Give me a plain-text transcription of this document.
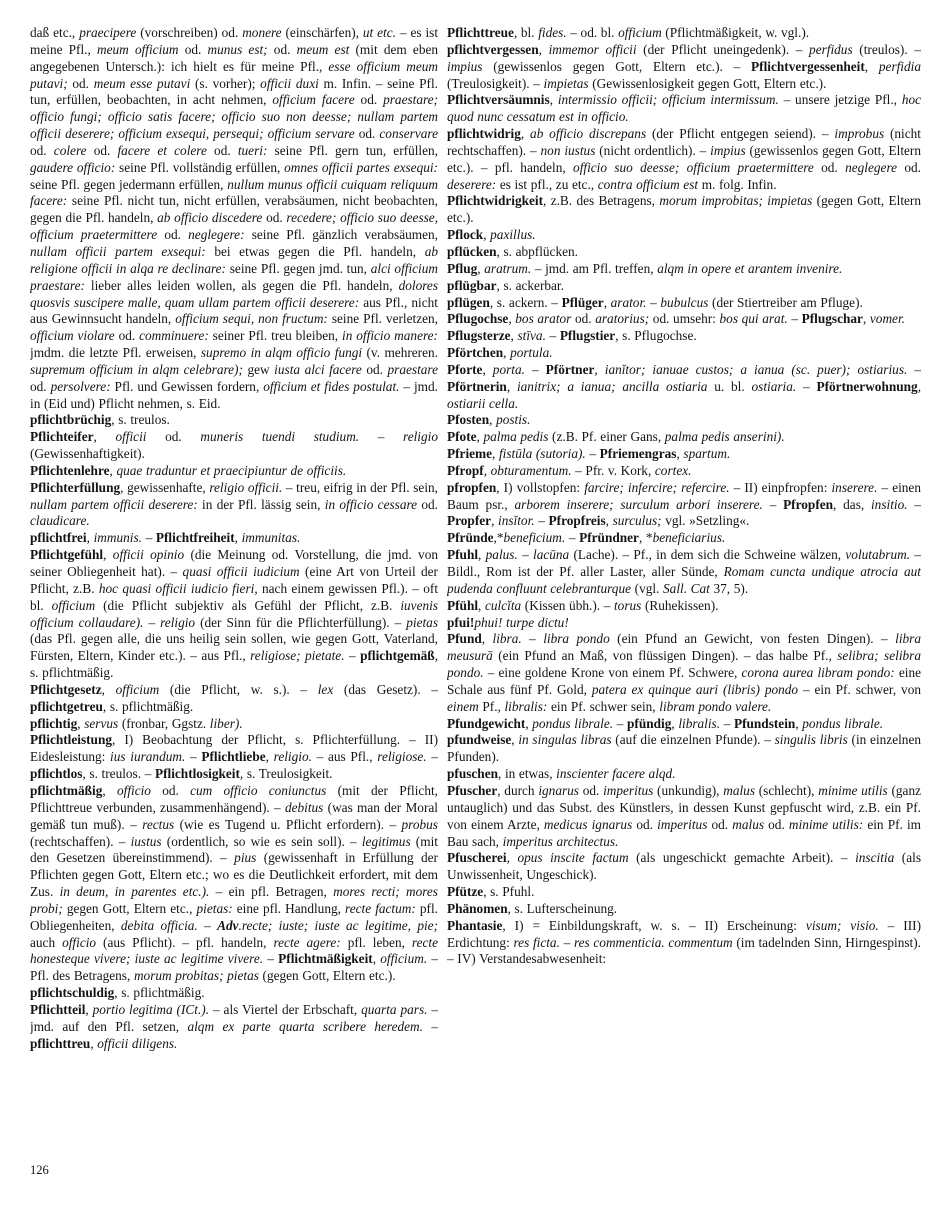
daß etc., praecipere (vorschreiben) od. monere (einschärfen), ut etc. – es ist meine Pfl., meum officium od. munus est; od. meum est (mit dem eben angegebenen Untersch.): ich hielt es für meine Pfl., esse officium meum putavi; od. meum esse putavi (s. vorher); officii duxi m. Infin. – seine Pfl. tun, erfüllen, beobachten, in acht nehmen, officium facere od. praestare; officio fungi; officio satis facere; officio suo non deesse; nullam partem officii deserere; officium exsequi, persequi; officium servare od. conservare od. colere od. facere et colere od. tueri: seine Pfl. gern tun, erfüllen, gaudere officio: seine Pfl. vollständig erfüllen, omnes officii partes exsequi: seine Pfl. gegen jedermann erfüllen, nullum munus officii cuiquam reliquum facere: seine Pfl. nicht tun, nicht erfüllen, verabsäumen, nicht beobachten, gegen die Pfl. handeln, ab officio discedere od. recedere; officio suo deesse, officium praetermittere od. neglegere: seine Pfl. gänzlich verabsäumen, nullam officii partem exsequi: bei etwas gegen die Pfl. handeln, ab religione officii in alqa re declinare: seine Pfl. gegen jmd. tun, alci officium praestare: lieber alles leiden wollen, als gegen die Pfl. handeln, dolores quosvis suscipere malle, quam ullam partem officii deserere: aus Pfl., nicht aus Gewinnsucht handeln, officium sequi, non fructum: seine Pfl. verletzen, officium violare od. comminuere: seiner Pfl. treu bleiben, in officio manere: jmdm. die letzte Pfl. erweisen, supremo in alqm officio fungi (v. mehreren. supremum officium in alqm celebrare); gew iusta alci facere od. praestare od. persolvere: Pfl. und Gewissen fordern, officium et fides postulat. – jmd. in (Eid und) Pflicht nehmen, s. Eid.

pflichtbrüchig, s. treulos.

Pflichteifer, officii od. muneris tuendi studium. – religio (Gewissenhaftigkeit).

Pflichtenlehre, quae traduntur et praecipiuntur de officiis.

Pflichterfüllung, gewissenhafte, religio officii. – treu, eifrig in der Pfl. sein, nullam partem officii deserere: in der Pfl. lässig sein, in officio cessare od. claudicare.

pflichtfrei, immunis. – Pflichtfreiheit, immunitas.

Pflichtgefühl, officii opinio (die Meinung od. Vorstellung, die jmd. von seiner Obliegenheit hat). – quasi officii iudicium (eine Art von Urteil der Pflicht, z.B. hoc quasi officii iudicio fieri, nach einem gewissen Pfl.). – oft bl. officium (die Pflicht subjektiv als Gefühl der Pflicht, z.B. iuvenis officium collaudare). – religio (der Sinn für die Pflichterfüllung). – pietas (das Pfl. gegen alle, die uns heilig sein sollen, wie gegen Gott, Vaterland, Fürsten, Eltern, Kinder etc.). – aus Pfl., religiose; pietate. – pflichtgemäß, s. pflichtmäßig.

Pflichtgesetz, officium (die Pflicht, w. s.). – lex (das Gesetz). – pflichtgetreu, s. pflichtmäßig.

pflichtig, servus (fronbar, Ggstz. liber).

Pflichtleistung, I) Beobachtung der Pflicht, s. Pflichterfüllung. – II) Eidesleistung: ius iurandum. – Pflichtliebe, religio. – aus Pfl., religiose. – pflichtlos, s. treulos. – Pflichtlosigkeit, s. Treulosigkeit.

pflichtmäßig, officio od. cum officio coniunctus (mit der Pflicht, Pflichttreue verbunden, zusammenhängend). – debitus (was man der Moral gemäß tun muß). – rectus (wie es Tugend u. Pflicht erfordern). – probus (rechtschaffen). – iustus (ordentlich, so wie es sein soll). – legitimus (mit den Gesetzen übereinstimmend). – pius (gewissenhaft in Erfüllung der Pflichten gegen Gott, Eltern etc.; wo es die Deutlichkeit erfordert, mit dem Zus. in deum, in parentes etc.). – ein pfl. Betragen, mores recti; mores probi; gegen Gott, Eltern etc., pietas: eine pfl. Handlung, recte factum: pfl. Obliegenheiten, debita officia. – Adv.recte; iuste; iuste ac legitime, pie; auch officio (aus Pflicht). – pfl. handeln, recte agere: pfl. leben, recte honesteque vivere; iuste ac legitime vivere. – Pflichtmäßigkeit, officium. – Pfl. des Betragens, morum probitas; pietas (gegen Gott, Eltern etc.).

pflichtschuldig, s. pflichtmäßig.

Pflichtteil, portio legitima (ICt.). – als Viertel der Erbschaft, quarta pars. – jmd. auf den Pfl. setzen, alqm ex parte quarta scribere heredem. – pflichttreu, officii diligens.

Pflichttreue, bl. fides. – od. bl. officium (Pflichtmäßigkeit, w. vgl.).

pflichtvergessen, immemor officii (der Pflicht uneingedenk). – perfidus (treulos). – impius (gewissenlos gegen Gott, Eltern etc.). – Pflichtvergessenheit, perfidia (Treulosigkeit). – impietas (Gewissenlosigkeit gegen Gott, Eltern etc.).

Pflichtversäumnis, intermissio officii; officium intermissum. – unsere jetzige Pfl., hoc quod nunc cessatum est in officio.

pflichtwidrig, ab officio discrepans (der Pflicht entgegen seiend). – improbus (nicht rechtschaffen). – non iustus (nicht ordentlich). – impius (gewissenlos gegen Gott, Eltern etc.). – pfl. handeln, officio suo deesse; officium praetermittere od. neglegere od. deserere: es ist pfl., zu etc., contra officium est m. folg. Infin.

Pflichtwidrigkeit, z.B. des Betragens, morum improbitas; impietas (gegen Gott, Eltern etc.).

Pflock, paxillus.

pflücken, s. abpflücken.

Pflug, aratrum. – jmd. am Pfl. treffen, alqm in opere et arantem invenire.

pflügbar, s. ackerbar.

pflügen, s. ackern. – Pflüger, arator. – bubulcus (der Stiertreiber am Pfluge).

Pflugochse, bos arator od. aratorius; od. umsehr: bos qui arat. – Pflugschar, vomer.

Pflugsterze, stīva. – Pflugstier, s. Pflugochse.

Pförtchen, portula.

Pforte, porta. – Pförtner, ianĭtor; ianuae custos; a ianua (sc. puer); ostiarius. – Pförtnerin, ianitrix; a ianua; ancilla ostiaria u. bl. ostiaria. – Pförtnerwohnung, ostiarii cella.

Pfosten, postis.

Pfote, palma pedis (z.B. Pf. einer Gans, palma pedis anserini).

Pfrieme, fistūla (sutoria). – Pfriemengras, spartum.

Pfropf, obturamentum. – Pfr. v. Kork, cortex.

pfropfen, I) vollstopfen: farcire; infercire; refercire. – II) einpfropfen: inserere. – einen Baum psr., arborem inserere; surculum arbori inserere. – Pfropfen, das, insitio. – Propfer, insĭtor. – Pfropfreis, surculus; vgl. »Setzling«.

Pfründe,*beneficium. – Pfründner, *beneficiarius.

Pfuhl, palus. – lacūna (Lache). – Pf., in dem sich die Schweine wälzen, volutabrum. – Bildl., Rom ist der Pf. aller Laster, aller Sünde, Romam cuncta undique atrocia aut pudenda confluunt celebranturque (vgl. Sall. Cat 37, 5).

Pfühl, culcĭta (Kissen übh.). – torus (Ruhekissen).

pfui!phui! turpe dictu!

Pfund, libra. – libra pondo (ein Pfund an Gewicht, von festen Dingen). – libra meusurā (ein Pfund an Maß, von flüssigen Dingen). – das halbe Pf., selibra; selibra pondo. – eine goldene Krone von einem Pf. Schwere, corona aurea libram pondo: eine Schale aus fünf Pf. Gold, patera ex quinque auri (libris) pondo – ein Pf. schwer, von einem Pf., libralis: ein Pf. schwer sein, libram pondo valere.

Pfundgewicht, pondus librale. – pfündig, libralis. – Pfundstein, pondus librale.

pfundweise, in singulas libras (auf die einzelnen Pfunde). – singulis libris (in einzelnen Pfunden).

pfuschen, in etwas, inscienter facere alqd.

Pfuscher, durch ignarus od. imperitus (unkundig), malus (schlecht), minime utilis (ganz untauglich) und das Subst. des Künstlers, in dessen Kunst gepfuscht wird, z.B. ein Pf. von einem Arzte, medicus ignarus od. imperitus od. malus od. minime utilis: ein Pf. im Bau sach, imperitus architectus.

Pfuscherei, opus inscite factum (als ungeschickt gemachte Arbeit). – inscitia (als Unwissenheit, Ungeschick).

Pfütze, s. Pfuhl.

Phänomen, s. Lufterscheinung.

Phantasie, I) = Einbildungskraft, w. s. – II) Erscheinung: visum; visio. – III) Erdichtung: res ficta. – res commenticia. commentum (im tadelnden Sinn, Hirngespinst). – IV) Verstandesabwesenheit:

126
